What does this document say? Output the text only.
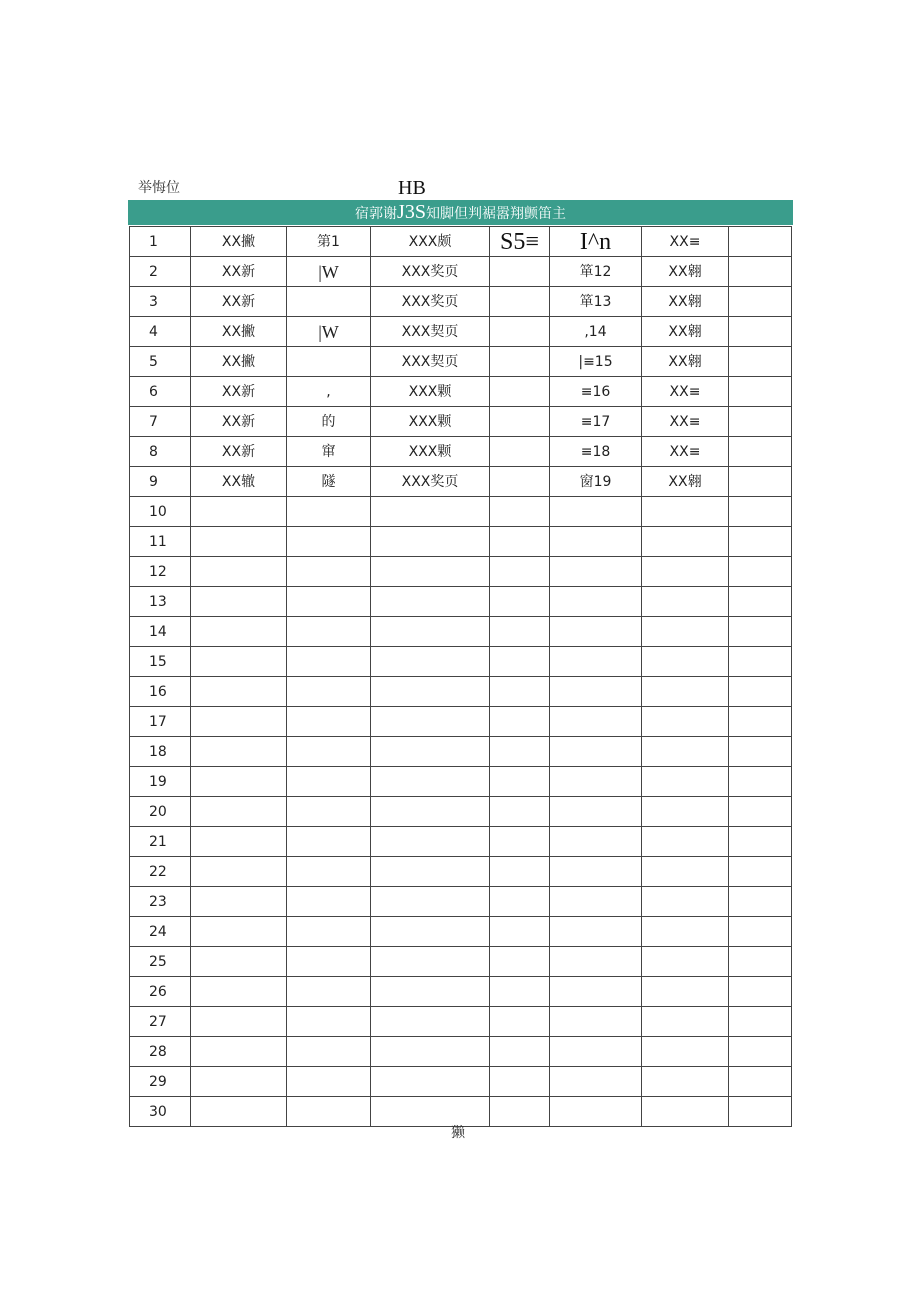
举悔位	HB
宿郭谢J3S知脚但判裾嚣翔颤笛主
1	XX撇	第1	XXX颇	S5≡	I^n	XX≡	
2	XX新	|W	XXX奖页		箪12	XX翱	
3	XX新		XXX奖页		箪13	XX翱	
4	XX撇	|W	XXX契页		,14	XX翱	
5	XX撇		XXX契页		|≡15	XX翱	
6	XX新	,	XXX颗		≡16	XX≡	
7	XX新	的	XXX颗		≡17	XX≡	
8	XX新	窜	XXX颗		≡18	XX≡	
9	XX辙	隧	XXX奖页		窗19	XX翱	
10							
11							
12							
13							
14							
15							
16							
17							
18							
19							
20							
21							
22							
23							
24							
25							
26							
27							
28							
29							
30							
獭
